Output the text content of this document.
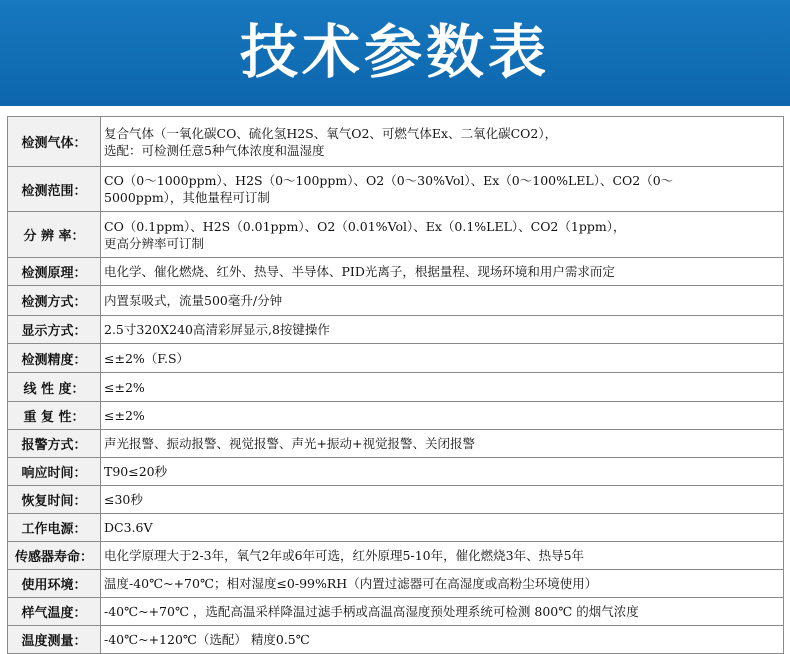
技术参数表
检测气体：	复合气体（一氧化碳CO、硫化氢H2S、氧气O2、可燃气体Ex、二氧化碳CO2），
选配：可检测任意5种气体浓度和温湿度

检测范围：	CO（0～1000ppm）、H2S（0～100ppm）、O2（0～30%Vol）、Ex（0～100%LEL）、CO2（0～
5000ppm），其他量程可订制

分 辨 率：	CO（0.1ppm）、H2S（0.01ppm）、O2（0.01%Vol）、Ex（0.1%LEL）、CO2（1ppm），
更高分辨率可订制

检测原理：	电化学、催化燃烧、红外、热导、半导体、PID光离子，根据量程、现场环境和用户需求而定

检测方式：	内置泵吸式，流量500毫升/分钟

显示方式：	2.5寸320X240高清彩屏显示,8按键操作

检测精度：	≤±2%（F.S）

线 性 度：	≤±2%

重 复 性：	≤±2%

报警方式：	声光报警、振动报警、视觉报警、声光+振动+视觉报警、关闭报警

响应时间：	T90≤20秒

恢复时间：	≤30秒

工作电源：	DC3.6V

传感器寿命：	电化学原理大于2-3年，氧气2年或6年可选，红外原理5-10年，催化燃烧3年、热导5年

使用环境：	温度-40℃~+70℃；相对湿度≤0-99%RH（内置过滤器可在高湿度或高粉尘环境使用）

样气温度：	-40℃~+70℃ ，选配高温采样降温过滤手柄或高温高湿度预处理系统可检测 800℃ 的烟气浓度

温度测量：	-40℃~+120℃（选配） 精度0.5℃
